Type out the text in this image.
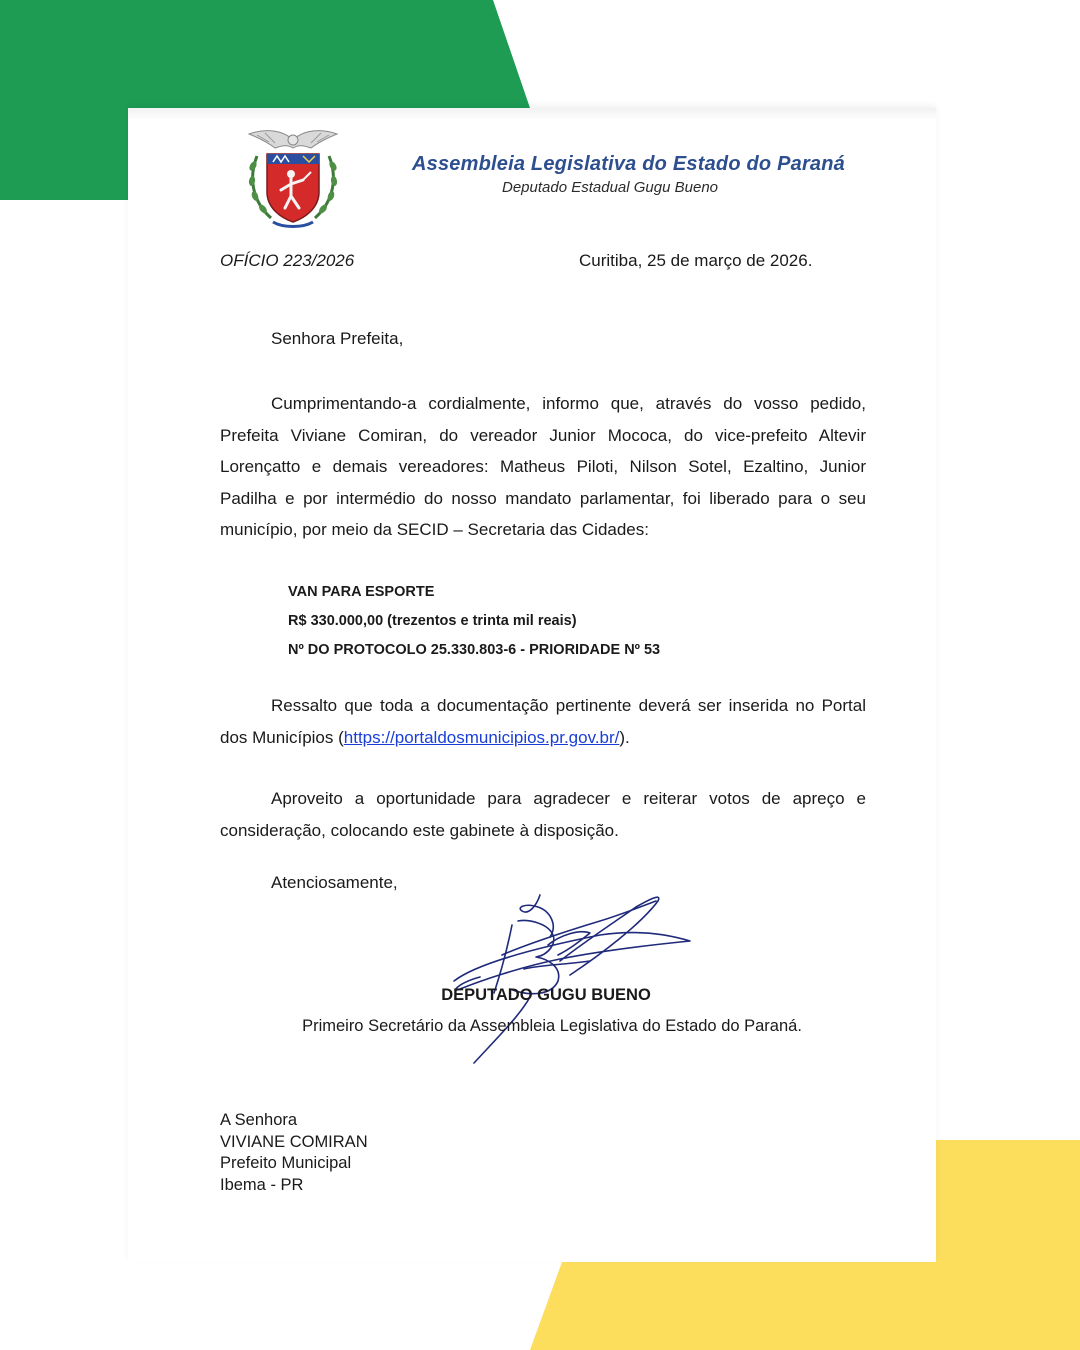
Assembleia Legislativa do Estado do Paraná
Deputado Estadual Gugu Bueno
OFÍCIO 223/2026	Curitiba, 25 de março de 2026.
Senhora Prefeita,

Cumprimentando-a cordialmente, informo que, através do vosso pedido, Prefeita Viviane Comiran, do vereador Junior Mococa, do vice-prefeito Altevir Lorençatto e demais vereadores: Matheus Piloti, Nilson Sotel, Ezaltino, Junior Padilha e por intermédio do nosso mandato parlamentar, foi liberado para o seu município, por meio da SECID – Secretaria das Cidades:

VAN PARA ESPORTE
R$ 330.000,00 (trezentos e trinta mil reais)
Nº DO PROTOCOLO 25.330.803-6 - PRIORIDADE Nº 53

Ressalto que toda a documentação pertinente deverá ser inserida no Portal dos Municípios (https://portaldosmunicipios.pr.gov.br/).

Aproveito a oportunidade para agradecer e reiterar votos de apreço e consideração, colocando este gabinete à disposição.

Atenciosamente,
DEPUTADO GUGU BUENO
Primeiro Secretário da Assembleia Legislativa do Estado do Paraná.
A Senhora
VIVIANE COMIRAN
Prefeito Municipal
Ibema - PR
